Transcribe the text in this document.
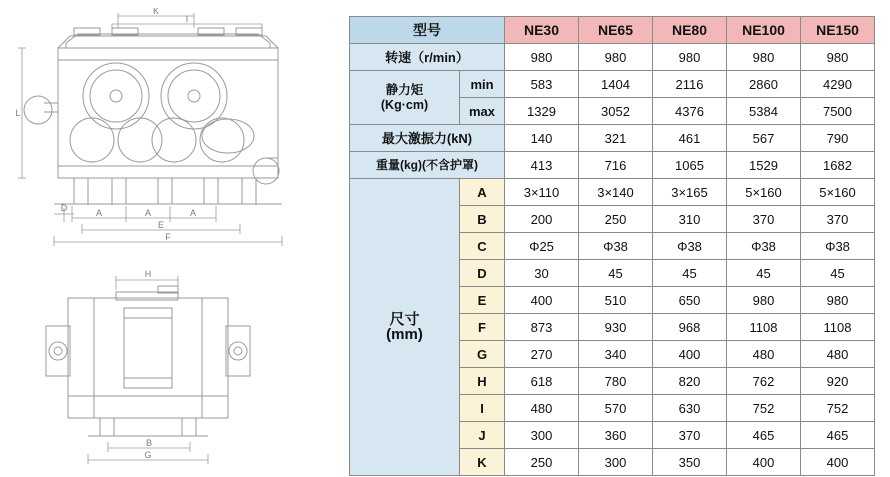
K
I
L
D	A	A	A
E
F
H
B
G
型号		NE30	NE65	NE80	NE100	NE150
转速（r/min）		980	980	980	980	980

静力矩
(Kg·cm)	min	583	1404	2116	2860	4290
	max	1329	3052	4376	5384	7500
最大激振力(kN)		140	321	461	567	790
重量(kg)(不含护罩)		413	716	1065	1529	1682

尺寸
(mm)	A	3×110	3×140	3×165	5×160	5×160
	B	200	250	310	370	370
	C	Φ25	Φ38	Φ38	Φ38	Φ38
	D	30	45	45	45	45
	E	400	510	650	980	980
	F	873	930	968	1108	1108
	G	270	340	400	480	480
	H	618	780	820	762	920
	I	480	570	630	752	752
	J	300	360	370	465	465
	K	250	300	350	400	400
